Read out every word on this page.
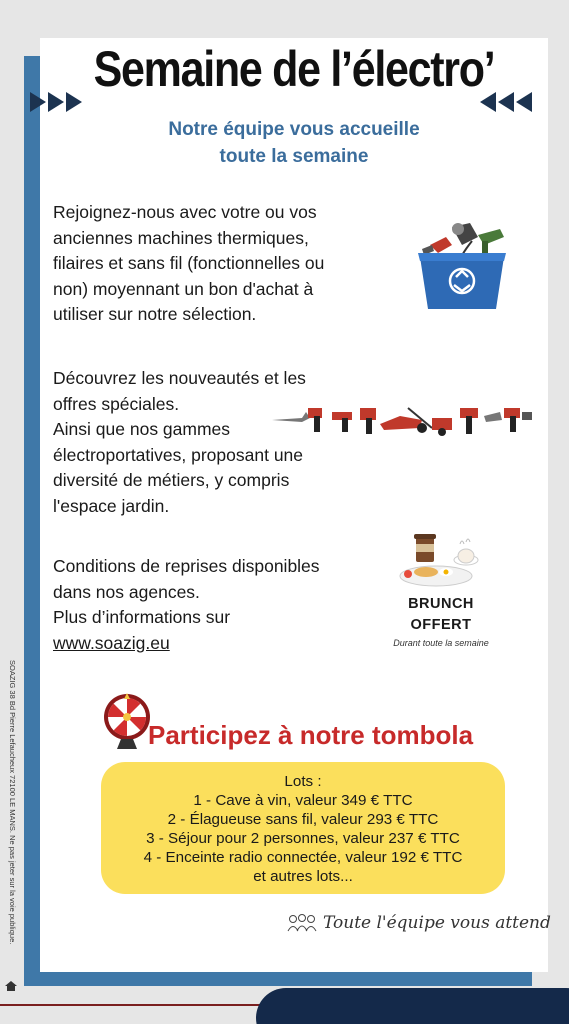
Semaine de l’électro’
Notre équipe vous accueille
toute la semaine
Rejoignez-nous avec votre ou vos
anciennes machines thermiques,
filaires et sans fil (fonctionnelles ou
non) moyennant un bon d'achat à
utiliser sur notre sélection.
Découvrez les nouveautés et les
offres spéciales.
Ainsi que nos gammes
électroportatives, proposant une
diversité de métiers, y compris
l'espace jardin.
Conditions de reprises disponibles
dans nos agences.
Plus d’informations sur
www.soazig.eu
BRUNCH
OFFERT
Durant toute la semaine
Participez à notre tombola
Lots :
1 - Cave à vin, valeur 349 € TTC
2 - Élagueuse sans fil, valeur 293 € TTC
3 - Séjour pour 2 personnes, valeur 237 € TTC
4 - Enceinte radio connectée, valeur 192 € TTC
et autres lots...
Toute l'équipe vous attend
SOAZIG 38 Bd Pierre Lefaucheux 72100 LE MANS. Ne pas jeter sur la voie publique.
